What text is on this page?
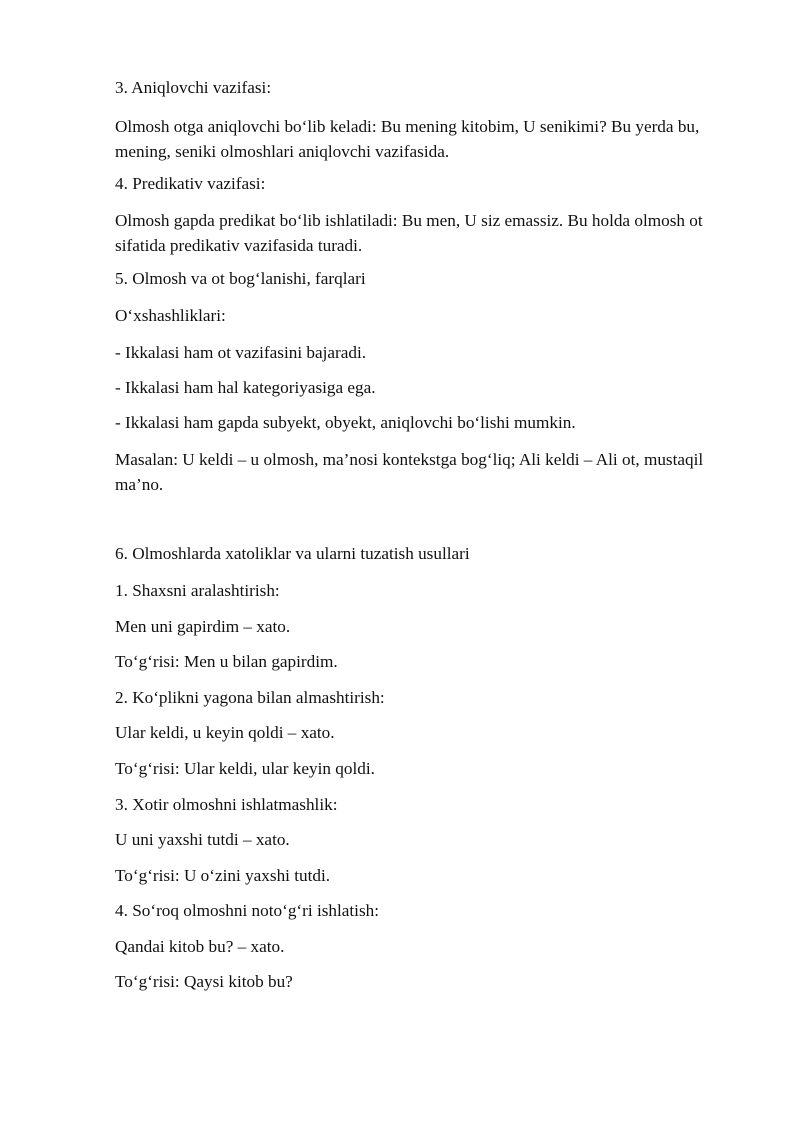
3. Aniqlovchi vazifasi:

Olmosh otga aniqlovchi bo‘lib keladi: Bu mening kitobim, U senikimi? Bu yerda bu, mening, seniki olmoshlari aniqlovchi vazifasida.

4. Predikativ vazifasi:

Olmosh gapda predikat bo‘lib ishlatiladi: Bu men, U siz emassiz. Bu holda olmosh ot sifatida predikativ vazifasida turadi.

5. Olmosh va ot bog‘lanishi, farqlari

O‘xshashliklari:

- Ikkalasi ham ot vazifasini bajaradi.

- Ikkalasi ham hal kategoriyasiga ega.

- Ikkalasi ham gapda subyekt, obyekt, aniqlovchi bo‘lishi mumkin.

Masalan: U keldi – u olmosh, ma’nosi kontekstga bog‘liq; Ali keldi – Ali ot, mustaqil ma’no.

6. Olmoshlarda xatoliklar va ularni tuzatish usullari

1. Shaxsni aralashtirish:

Men uni gapirdim – xato.

To‘g‘risi: Men u bilan gapirdim.

2. Ko‘plikni yagona bilan almashtirish:

Ular keldi, u keyin qoldi – xato.

To‘g‘risi: Ular keldi, ular keyin qoldi.

3. Xotir olmoshni ishlatmashlik:

U uni yaxshi tutdi – xato.

To‘g‘risi: U o‘zini yaxshi tutdi.

4. So‘roq olmoshni noto‘g‘ri ishlatish:

Qandai kitob bu? – xato.

To‘g‘risi: Qaysi kitob bu?
